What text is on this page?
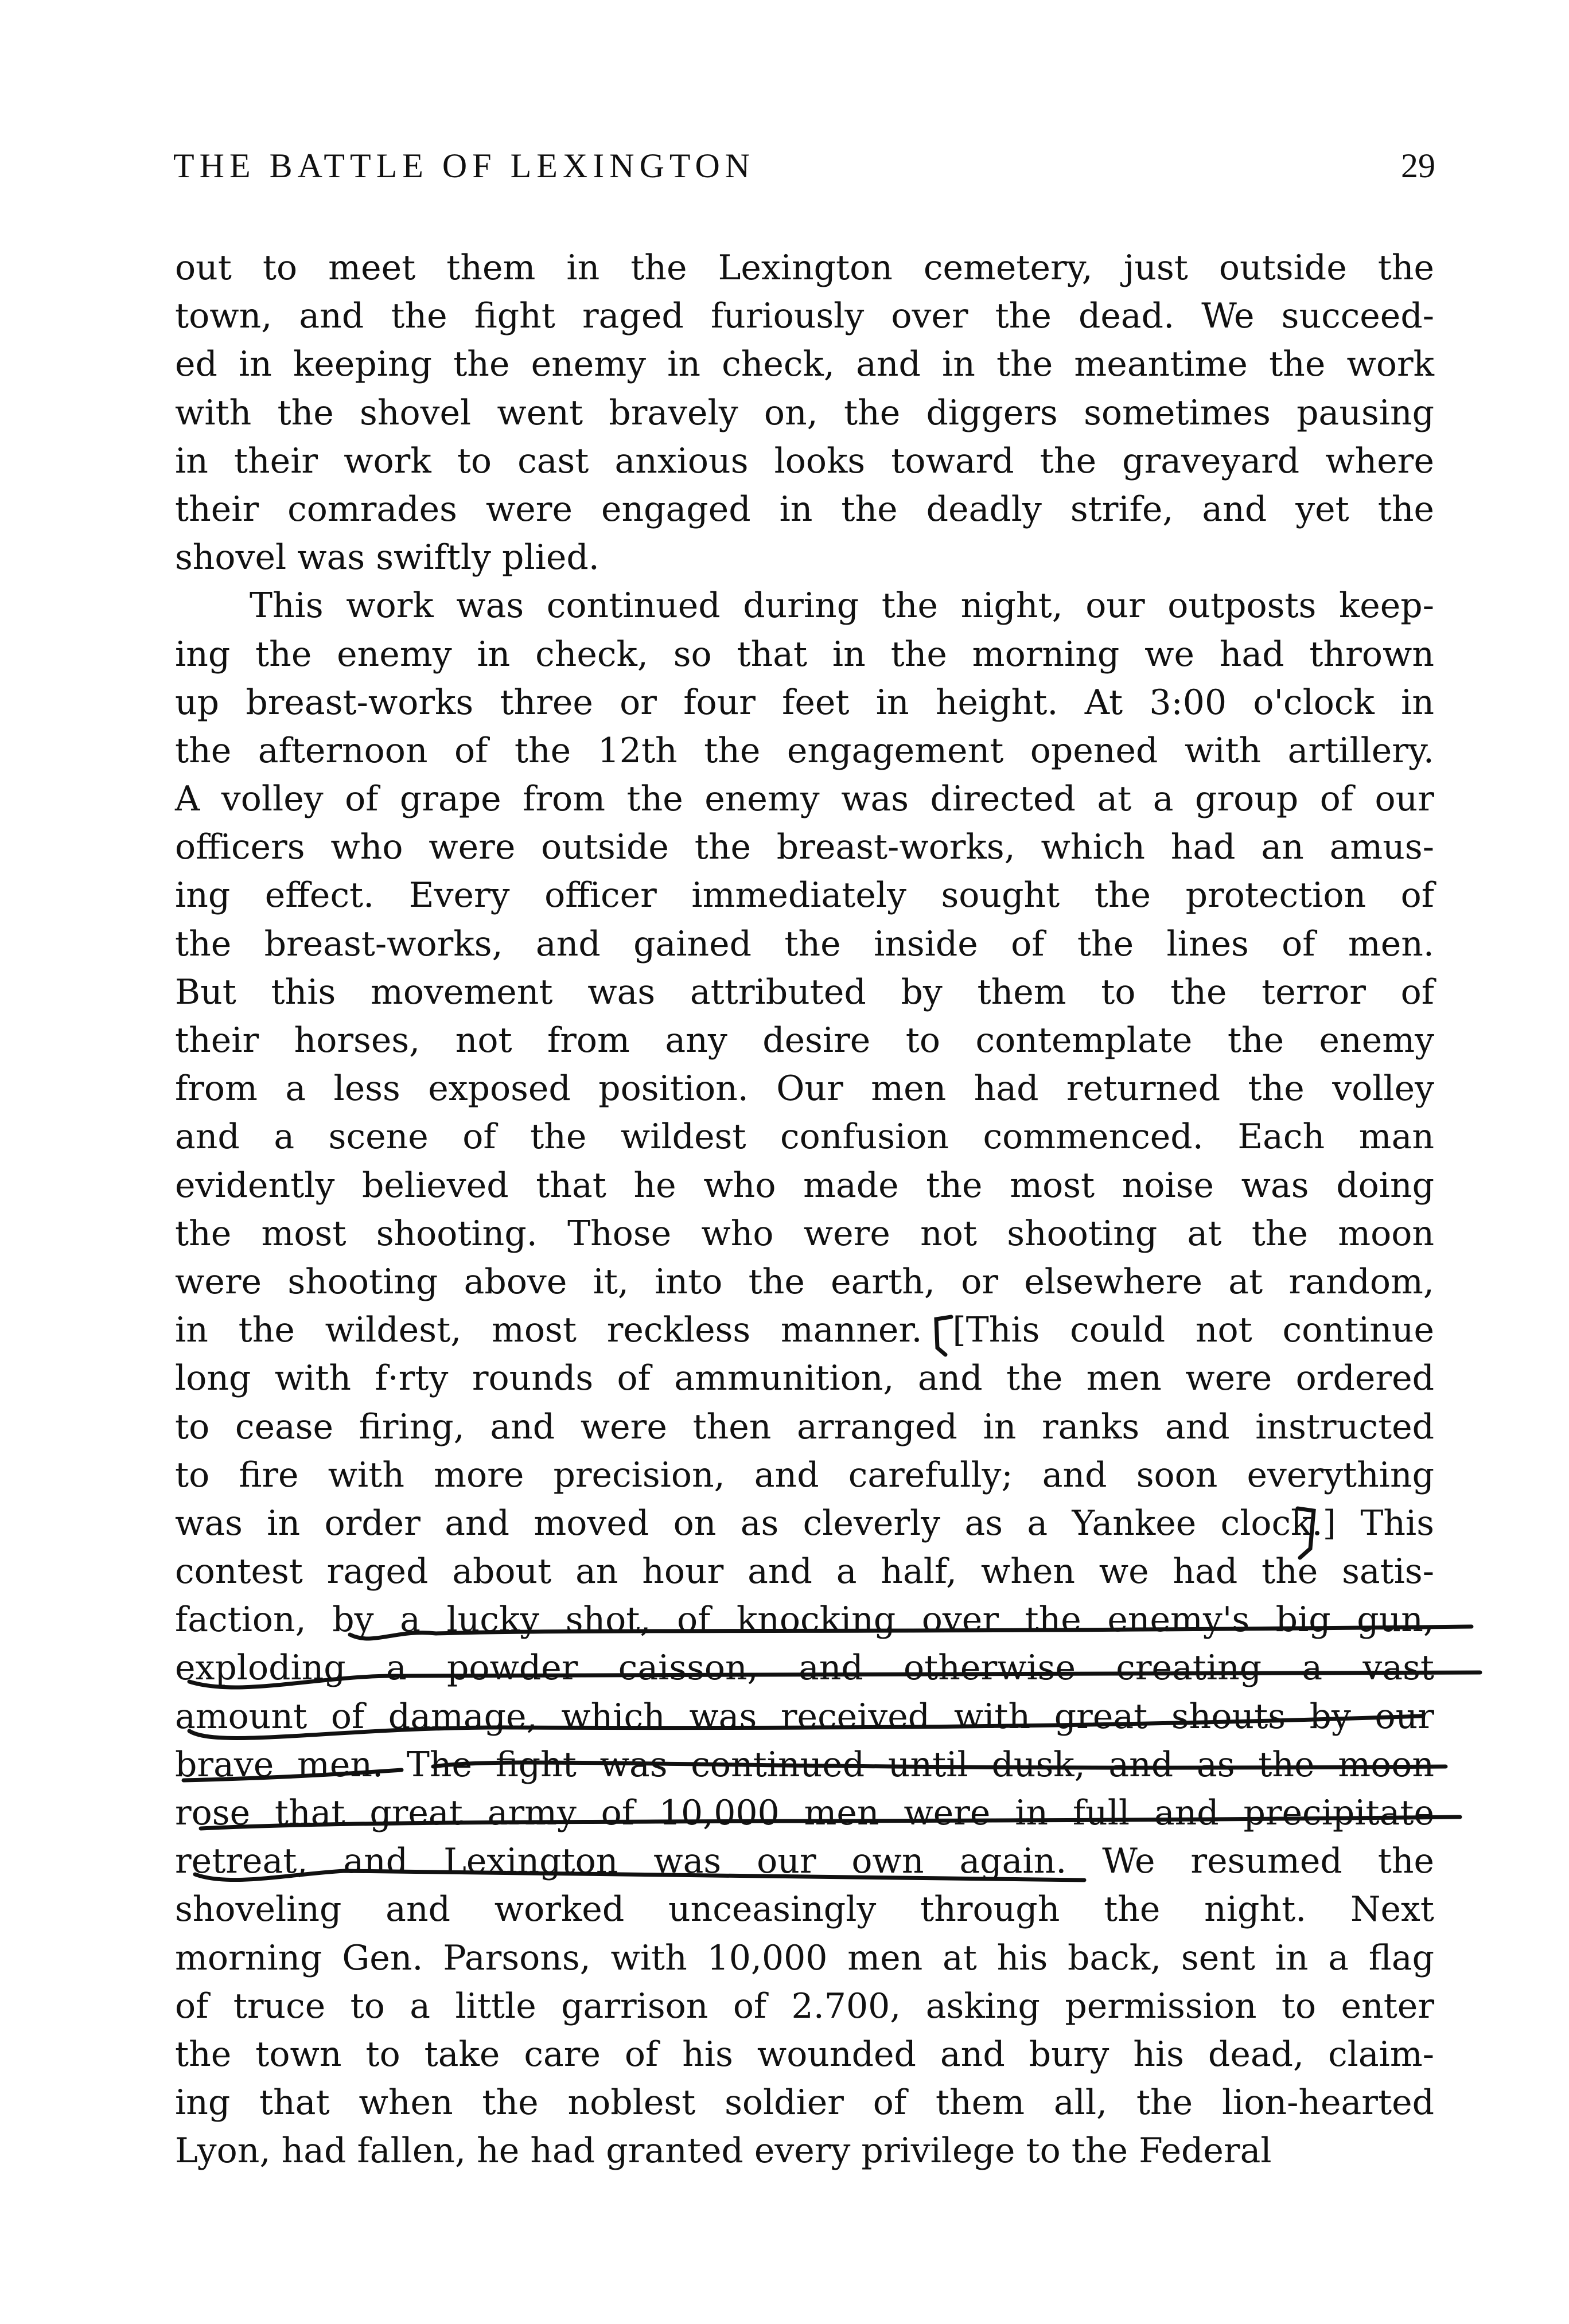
THE BATTLE OF LEXINGTON	29
out to meet them in the Lexington cemetery, just outside the
town, and the fight raged furiously over the dead. We succeed-
ed in keeping the enemy in check, and in the meantime the work
with the shovel went bravely on, the diggers sometimes pausing
in their work to cast anxious looks toward the graveyard where
their comrades were engaged in the deadly strife, and yet the
shovel was swiftly plied.
This work was continued during the night, our outposts keep-
ing the enemy in check, so that in the morning we had thrown
up breast-works three or four feet in height. At 3:00 o'clock in
the afternoon of the 12th the engagement opened with artillery.
A volley of grape from the enemy was directed at a group of our
officers who were outside the breast-works, which had an amus-
ing effect. Every officer immediately sought the protection of
the breast-works, and gained the inside of the lines of men.
But this movement was attributed by them to the terror of
their horses, not from any desire to contemplate the enemy
from a less exposed position. Our men had returned the volley
and a scene of the wildest confusion commenced. Each man
evidently believed that he who made the most noise was doing
the most shooting. Those who were not shooting at the moon
were shooting above it, into the earth, or elsewhere at random,
in the wildest, most reckless manner. [This could not continue
long with f·rty rounds of ammunition, and the men were ordered
to cease firing, and were then arranged in ranks and instructed
to fire with more precision, and carefully; and soon everything
was in order and moved on as cleverly as a Yankee clock.] This
contest raged about an hour and a half, when we had the satis-
faction, by a lucky shot, of knocking over the enemy's big gun,
exploding a powder caisson, and otherwise creating a vast
amount of damage, which was received with great shouts by our
brave men. The fight was continued until dusk, and as the moon
rose that great army of 10,000 men were in full and precipitate
retreat, and Lexington was our own again. We resumed the
shoveling and worked unceasingly through the night. Next
morning Gen. Parsons, with 10,000 men at his back, sent in a flag
of truce to a little garrison of 2.700, asking permission to enter
the town to take care of his wounded and bury his dead, claim-
ing that when the noblest soldier of them all, the lion-hearted
Lyon, had fallen, he had granted every privilege to the Federal
